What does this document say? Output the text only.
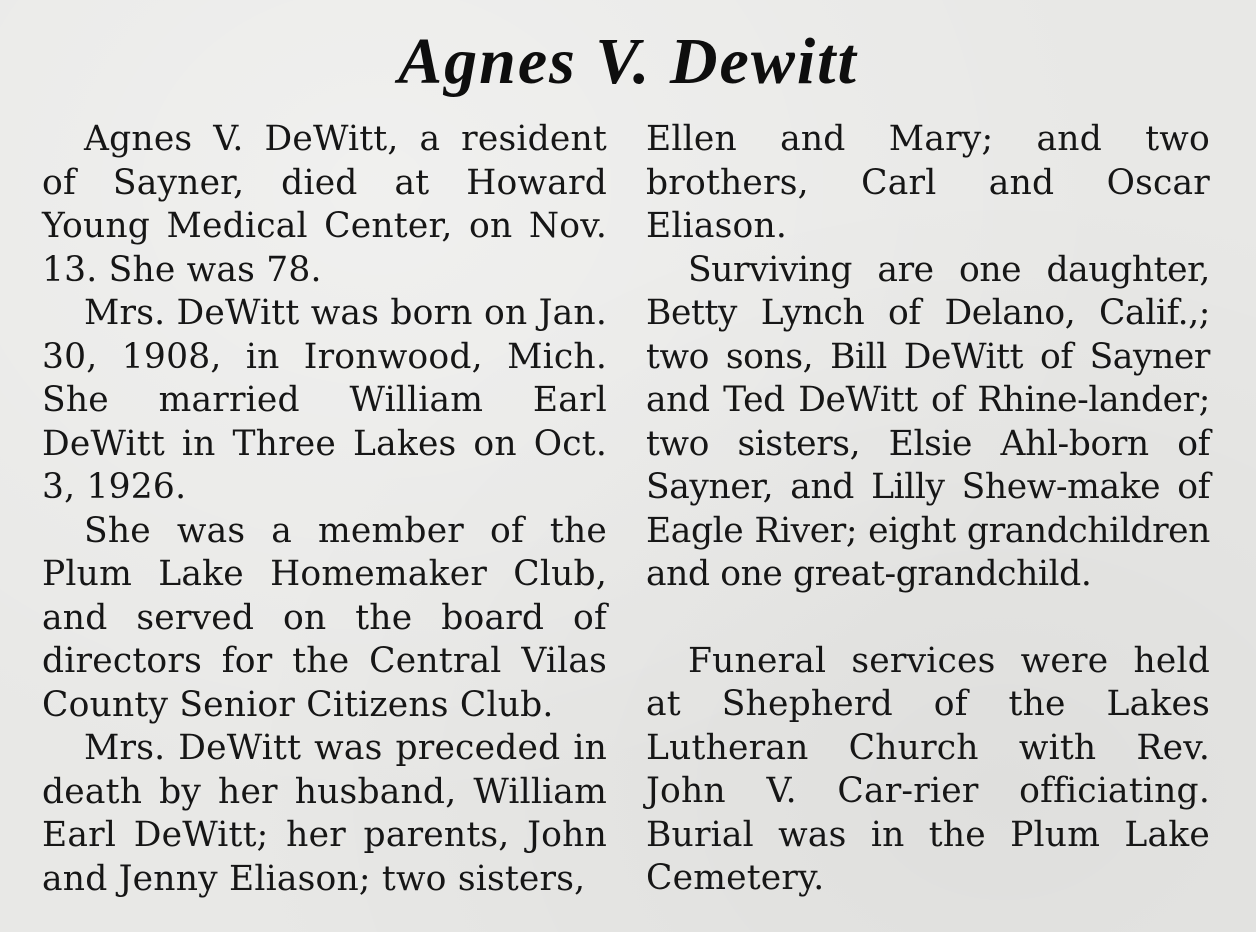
Agnes V. Dewitt

Agnes V. DeWitt, a resident of Sayner, died at Howard Young Medical Center, on Nov. 13. She was 78.

Mrs. DeWitt was born on Jan. 30, 1908, in Ironwood, Mich. She married William Earl DeWitt in Three Lakes on Oct. 3, 1926.

She was a member of the Plum Lake Homemaker Club, and served on the board of directors for the Central Vilas County Senior Citizens Club.

Mrs. DeWitt was preceded in death by her husband, William Earl DeWitt; her parents, John and Jenny Eliason; two sisters,

Ellen and Mary; and two brothers, Carl and Oscar Eliason.

Surviving are one daughter, Betty Lynch of Delano, Calif.,; two sons, Bill DeWitt of Sayner and Ted DeWitt of Rhine-lander; two sisters, Elsie Ahl-born of Sayner, and Lilly Shew-make of Eagle River; eight grandchildren and one great-grandchild.

Funeral services were held at Shepherd of the Lakes Lutheran Church with Rev. John V. Car-rier officiating. Burial was in the Plum Lake Cemetery.
